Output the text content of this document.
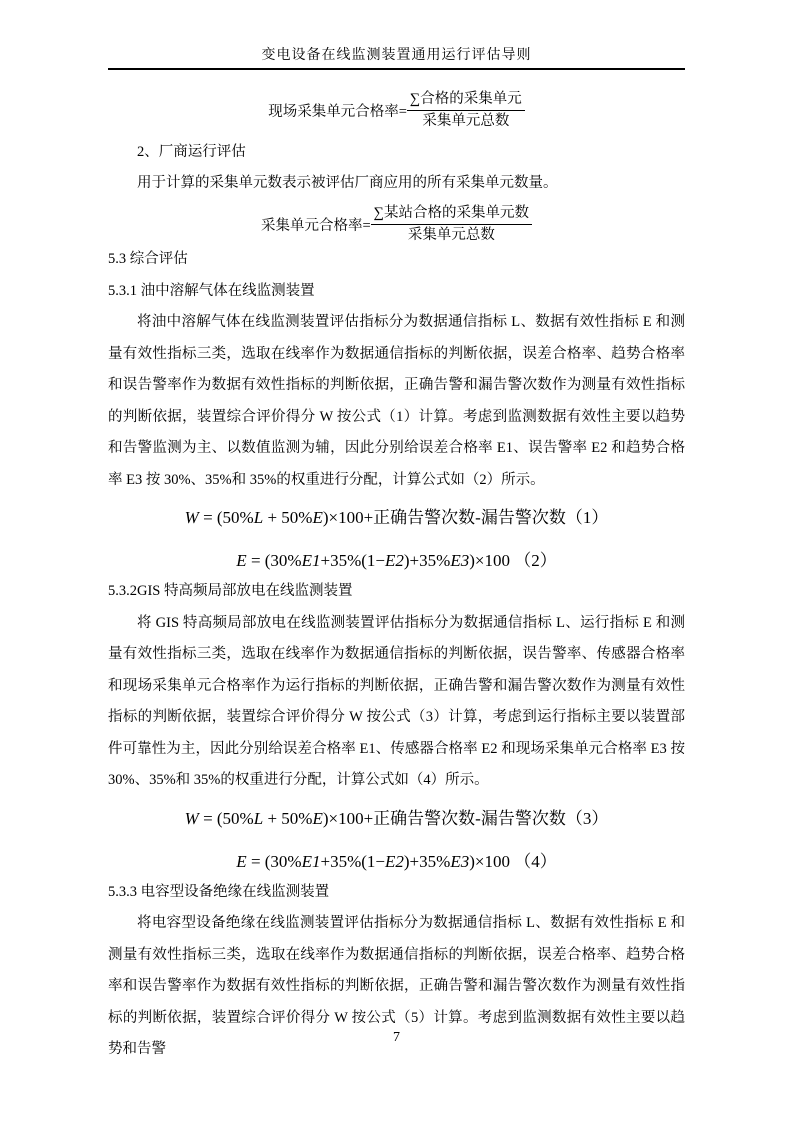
变电设备在线监测装置通用运行评估导则
现场采集单元合格率= $\frac{\text{∑合格的采集单元}}{\text{采集单元总数}}$
2、厂商运行评估

用于计算的采集单元数表示被评估厂商应用的所有采集单元数量。

采集单元合格率= $\frac{\text{∑某站合格的采集单元数}}{\text{采集单元总数}}$
5.3 综合评估
5.3.1 油中溶解气体在线监测装置

将油中溶解气体在线监测装置评估指标分为数据通信指标 L、数据有效性指标 E 和测量有效性指标三类，选取在线率作为数据通信指标的判断依据，误差合格率、趋势合格率和误告警率作为数据有效性指标的判断依据，正确告警和漏告警次数作为测量有效性指标的判断依据，装置综合评价得分 W 按公式（1）计算。考虑到监测数据有效性主要以趋势和告警监测为主、以数值监测为辅，因此分别给误差合格率 E1、误告警率 E2 和趋势合格率 E3 按 30%、35%和 35%的权重进行分配，计算公式如（2）所示。

W = (50%L + 50%E)×100+正确告警次数-漏告警次数（1）
E = (30%E1+35%(1−E2)+35%E3)×100 （2）
5.3.2GIS 特高频局部放电在线监测装置

将 GIS 特高频局部放电在线监测装置评估指标分为数据通信指标 L、运行指标 E 和测量有效性指标三类，选取在线率作为数据通信指标的判断依据，误告警率、传感器合格率和现场采集单元合格率作为运行指标的判断依据，正确告警和漏告警次数作为测量有效性指标的判断依据，装置综合评价得分 W 按公式（3）计算，考虑到运行指标主要以装置部件可靠性为主，因此分别给误差合格率 E1、传感器合格率 E2 和现场采集单元合格率 E3 按 30%、35%和 35%的权重进行分配，计算公式如（4）所示。

W = (50%L + 50%E)×100+正确告警次数-漏告警次数（3）
E = (30%E1+35%(1−E2)+35%E3)×100 （4）
5.3.3 电容型设备绝缘在线监测装置

将电容型设备绝缘在线监测装置评估指标分为数据通信指标 L、数据有效性指标 E 和测量有效性指标三类，选取在线率作为数据通信指标的判断依据，误差合格率、趋势合格率和误告警率作为数据有效性指标的判断依据，正确告警和漏告警次数作为测量有效性指标的判断依据，装置综合评价得分 W 按公式（5）计算。考虑到监测数据有效性主要以趋势和告警

7
